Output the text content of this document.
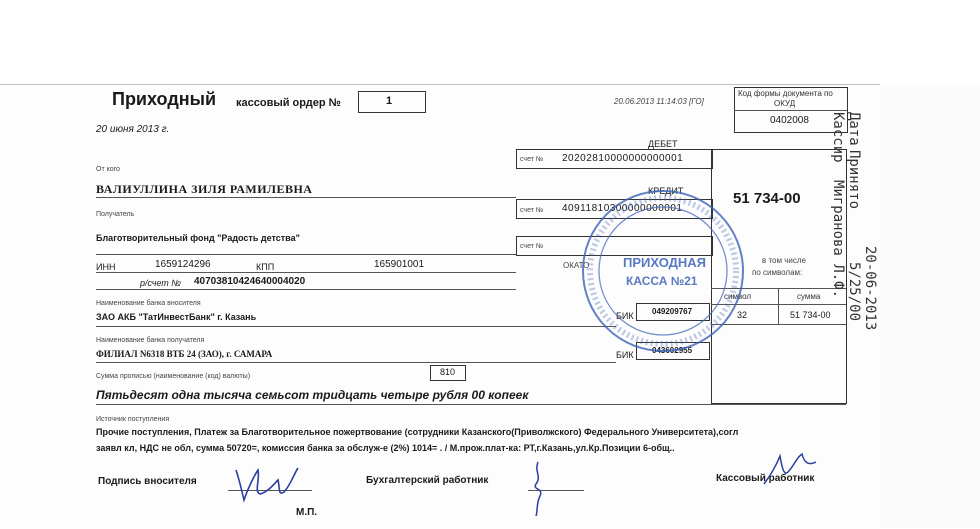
Приходный кассовый ордер №	1
20 июня 2013 г.
20.06.2013 11:14:03 [ГО]
Код формы документа по
ОКУД
0402008
ДЕБЕТ
счет № 20202810000000000001
КРЕДИТ
счет № 40911810300000000001
счет №
51 734-00
в том числе
по символам:
символ	сумма
32	51 734-00
От кого
ВАЛИУЛЛИНА ЗИЛЯ РАМИЛЕВНА
Получатель
Благотворительный фонд "Радость детства"
ИНН	1659124296	КПП	165901001	ОКАТО
р/счет № 40703810424640004020
Наименование банка вносителя
ЗАО АКБ "ТатИнвестБанк" г. Казань	БИК 049209767
Наименование банка получателя
ФИЛИАЛ N6318 ВТБ 24 (ЗАО), г. САМАРА	БИК 043602955
Сумма прописью (наименование (код) валюты)	810
Пятьдесят одна тысяча семьсот тридцать четыре рубля 00 копеек
Источник поступления
Прочие поступления, Платеж за Благотворительное пожертвование (сотрудники Казанского(Приволжского) Федерального Университета),согл
заявл кл, НДС не обл, сумма 50720=, комиссия банка за обслуж-е (2%) 1014= . / М.прож.плат-ка: РТ,г.Казань,ул.Кр.Позиции 6-общ..
Подпись вносителя	Бухгалтерский работник	Кассовый работник
М.П.
ПРИХОДНАЯ
КАССА №21
Дата
Кассир
Принято
Мигранова Л.Ф. 20-06-2013
5/25/00
